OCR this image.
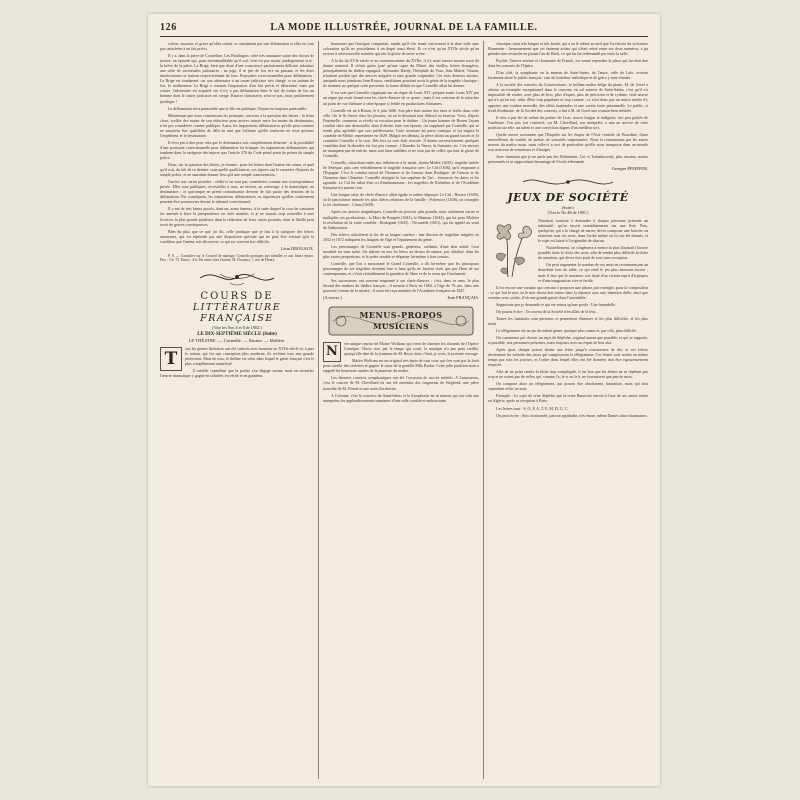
126	LA MODE ILLUSTRÉE, JOURNAL DE LA FAMILLE.

voleur, assassin, et grave qu'elles soient, se constituent par une diffamation si elles ne sont pas rattachées à un fait précis.

Il y a, dans la pièce de Courteline, Les Boulingrin, cette très amusante satire des choses de justice, un épisode qui, pour invraisemblable qu'il soit, n'en est pas moins juridiquement vrai : la brève de la pièce, La Brige, bien que doué d'une conscience parfaitement délicate, substitue une série de succursales judiciaires : au juge, il se prit de fou rire au passant, et les deux interlocuteurs se traitent respectivement de fous. Poursuites correctionnelles pour diffamation : La Brige est condamné, car son adversaire a un casier judiciaire très chargé, et en traitant de fou, le malheureux La Brige a commis l'imputation d'un fait précis et déterminé, mais par contre, l'adversaire est acquitté car il n'y a pas diffamation dans le fait de traiter de fou un homme dont le casier judiciaire est vierge. Bizarre chinoiserie, n'est-ce pas, mais parfaitement juridique !

La diffamation n'est punissable que si elle est publique, l'injure est toujours punissable.

Maintenant que nous connaissons les principes, arrivons à la question des lettres : la lettre close, scellée des mains de son rédacteur pour arriver intacte entre les mains du destinataire, n'est pas considérée comme publique. Aussi, les imputations diffamatoires qu'elle peut contenir ne sauraient être qualifiées de délit en tant que l'offense qu'elle renferme ne reste qu'entre l'expéditeur et le destinataire.

Il n'est pas à dire pour cela que le destinataire soit complètement désarmé : si la possibilité d'une poursuite correctionnelle pour diffamation lui échappe, les imputations diffamatoires qui tombent dans la catégorie des injures que l'article 376 du Code pénal punit de peines de simple police.

Donc, sur la question des lettres, je résume : pour les lettres dont l'auteur est connu, et quel qu'il soit, du fait de ce dernier, sous quelle qualification, ces injures ont le caractère d'injures de simple police, et ne sauraient donner lieu qu'à une simple contravention.

J'arrive aux cartes postales : celles-ci ne sont pas considérées comme une correspondance privée. Elles sont publiques, accessibles à tous, au facteur, au concierge, à la domestique, au destinataire ; et quiconque en prend connaissance devient de fait partie des témoins de la diffamation. Par conséquent, les imputations diffamatoires ou injurieuses qu'elles contiennent peuvent être poursuivies devant le tribunal correctionnel.

Il y eut de très beaux procès, dont un, assez fameux, à la suite duquel la cour de cassation fut amenée à fixer la jurisprudence en cette matière, et je ne saurais trop conseiller à mes lectrices la plus grande prudence dans la rédaction de leurs cartes postales, dont le libellé peut avoir de graves conséquences.

Bien du plus que ce que j'ai dit, celle juridique que je fais à la catégorie des lettres anonymes, qui est réprimée par une disposition spéciale qui ne peut être retenue qu'à la condition que l'auteur soit découvert, ce qui est souvent fort difficile.

Léon DROUAUX.

P. S. — Consulter sur le Conseil de mariage. Conseils pratiques aux familles et aux futurs époux. Prix : 3 fr. 75. Envoi : 4 fr. En vente chez l'auteur, M. Drouaux, 7, rue de Fleury.

COURS DE
LITTÉRATURE FRANÇAISE
(Voir les Nos 4 et 8 de 1902.)
LE DIX-SEPTIÈME SIÈCLE (Suite)
LE THÉATRE. — Corneille. — Racine. — Molière.
T

ous les genres littéraires ont été cultivés avec honneur au XVIIe siècle et, à part le roman, qui fut une conception plus moderne, ils revêtent tous une grande perfection. Mais de tous, le théâtre est celui dans lequel le génie français s'est le plus complètement manifesté.

Il semble cependant que la poésie s'en dégage moins, mais en revanche l'œuvre dramatique y gagne en sobriété, en vérité et en grandeur.

heureuses que l'intrigue comportait, tandis qu'il s'en tenait strictement à la dose utile sans coloration qu'ils ne possédaient à un degré aussi élevé. Et ce n'est qu'au XVIIe siècle qu'on revient à cette nouvelle manière qui fait la gloire de notre scène.

A la fin du XVIe siècle et au commencement du XVIIe, il n'y avait encore aucune trace de drame national. Il n'était guère joué qu'une copie du Miroir des vieilles lettres étrangères, principalement du théâtre espagnol. Alexandre Hardy, Théophile de Viau, Jean Mairet, Tristan, n'avaient produit que des œuvres inégales et sans grande originalité. Ces trois derniers auteurs, auxquels nous joindrons Jean Rotrou, semblaient pourtant avoir le génie de la tragédie classique ; ils tiennent un quelque sorte pressentir la forme définitive que Corneille allait lui donner.

Il est vrai que Corneille s'appuyait sur un règne de Louis XIV, préparé avant Louis XIV par un règne qui avait donné tous les chefs-d'œuvre de ce genre ; mais il est convenu de le rattacher au point de vue littéraire à cette époque si fertile en productions éclatantes.

Corneille est né à Rouen, le 6 juin 1606. Son père était maître des eaux et forêts dans cette ville. On le fit élever chez les jésuites, où on le destinait tout d'abord au barreau. Voici, d'après Fontenelle, comment se révéla sa vocation pour le théâtre : Un jeune homme de Rouen l'ayant conduit chez une demoiselle, dont il devint faire son épouse, fut supplanté par Corneille, qui se rendit plus agréable que son prédécesseur. Cette aventure lui parut comique et lui inspira la comédie de Mélite, représentée en 1629. Malgré ses défauts, la pièce obtint un grand succès et fit connaître Corneille à la cour. Dès lors sa voie était trouvée. Il donna successivement quelques comédies dont la dernière est fort peu connue : Clitandre, la Veuve, la Suivante, etc. Ces œuvres ne manquent pas de mérite, mais sont bien oubliées et ne sont pas de celles qui font la gloire de Corneille.

Corneille, s'attachant enfin aux influences à la mode, donna Médée (1635), tragédie imitée de Sénèque, puis crée véritablement la tragédie française avec Le Cid (1636), qu'il emprunte à l'Espagne. C'est le combat moral de l'honneur et de l'amour dans Rodrigue, de l'amour et de l'honneur dans Chimène. Corneille atteignit le but suprême de l'art : émouvoir les âmes et les agrandir. Le Cid fut salué d'un cri d'enthousiasme ; les tragédies de Richelieu et de l'Académie française n'y purent rien.

Une longue série de chefs-d'œuvre allait égaler et même dépasser Le Cid : Horace (1639), où le patriotisme immole les plus chères relations de la famille ; Polyeucte (1640), où triomphe la foi chrétienne ; Cinna (1639).

Après ces œuvres magnifiques, Corneille ne pouvait plus grandir, mais seulement varier et multiplier ses productions : la Mort de Pompée (1643), le Menteur (1644), qui fut pour Molière la révélation de la vraie comédie ; Rodogune (1645) ; Nicomède (1651), qui fut appelé au seuil de l'admiration.

Des échecs attristèrent la fin de sa longue carrière ; une illusion de tragédies inégales en 1652 et 1672 indiquent les fatigues de l'âge et l'épuisement du génie.

Les personnages de Corneille sont grands, généreux, vaillants, d'une âme noble. Leur moralité est sans tache. On admire en eux les héros au-dessus de nature, pur, idéalisé, dans les plus vastes proportions, et le poète semble se dépasser lui-même à leur contact.

Corneille, que l'on a surnommé le Grand Corneille, a dit lui-même que les principaux personnages de ses tragédies devaient être si haut qu'ils ne fussent visés que par l'âme de ses contemporains, et c'était véritablement la grandeur de l'âme et de la vertu qui l'enchantait.

Ses successeurs ont souvent emprunté à ses chefs-d'œuvre ; c'est, dans ce sens, le plus fécond des maîtres du théâtre français ; il mourut à Paris en 1684, à l'âge de 78 ans, dans une pauvreté voisine de la misère ; il avait été reçu membre de l'Académie française en 1647.

(A suivre.)	Jean FRANÇAIS.
MENUS-PROPOS
MUSICIENS
N

ver unique reprise de Mattre Wolfram qui vient de charmer les abonnés de l'Opéra-Comique. Chose rare, par le temps qui court, la musique n'a pas paru vieillie, quoiqu'elle date de la jeunesse de M. Reyer dont c'était, je crois, le premier ouvrage.

Maître Wolfram est un original très épris de tous ceux qui s'en vont par la forêt pour cueillir des violettes et gagner le cœur de la gentille Mlle Burlas. Cette jolie partition nous a rappelé les heureuses années de la jeunesse du maître.

Les derniers concerts symphoniques ont été l'occasion de succès mérités. A Lamoureux, c'est le concert de M. Chevillard où ont été entendus des fragments de Siegfried, une pièce nouvelle de M. Pierné et une suite d'orchestre.

A Colonne, c'est le concerto de Saint-Saëns et la Symphonie en ut mineur qui ont valu aux interprètes les applaudissements unanimes d'une salle comble et enthousiaste.

classique, mais très longue et très froide, qui a eu le même accueil que l'orchestre du violoniste Burmester : heureusement que cet éminent artiste qui s'était retiré entre ses deux numéros, a pu prendre une revanche en jouant l'air de Bach, ce qui lui fut redemandé par toute la salle.

Psyché, l'œuvre sereine et charmante de Franck, est venue reprendre la place qui lui était due dans les concerts de l'Opéra.

D'un côté, la symphonie en la mineur de Saint-Saëns, de l'autre, celle de Lalo, avaient fortement attiré le public français : tant de fraîcheur mélodique et de grâce y sont réunies.

A la société des concerts du Conservatoire, le brillant maître belge du piano, M. de Greef a obtenu un triomphe exceptionnel dans le concerto en sol mineur de Saint-Saëns, c'est qu'il est impossible de rendre, avec plus de brio, plus d'esprit, plus de précision et de rythme, cette œuvre qui n'a qu'un tort, celui d'être trop populaire et trop connue ; ce n'est donc pas un mince mérite d'y apporter une couleur nouvelle, des effets inattendus et une saveur toute personnelle. Le public, si froid d'ordinaire, de la Société des concerts, a fait à M. de Greef une ovation bien méritée.

Il n'en a pas été de même du poème de Liszt, œuvre longue et indigeste, fort peu goûtée de l'auditoire. J'en suis fort contrarié, car M. Chevillard, son interprète, a mis au service de cette partition un zèle, un talent et une conviction dignes d'un meilleur sort.

Quelle œuvre ravissante que l'Enquête sur les étapes de l'Asie centrale de Borodine, d'une merveilleuse de variété, de poésie, de sonorités surprenantes. Nous la connaissions par les autres œuvres du maître russe, mais celle-ci a ceci de particulier qu'elle nous transporte dans un monde tout nouveau de sensations et d'images.

Avec intention que je ne parle pas des Rubinstein, Cui et Tschaïkowsky, plus anciens, moins personnels et se rapprochant davantage de l'école allemande.

Georges PFEIFFER.
JEUX DE SOCIÉTÉ
(Suite.)
(Voir le No 48 de 1901.)

Narration consiste à demander à chaque personne présente un substantif, qu'on inscrit immédiatement sur une liste. Puis, quelqu'un, qui a la charge de narrer, devra composer une histoire où entreront tous ces mots, dans l'ordre même où ils ont été donnés, et le sujet est laissé à l'originalité de chacun.

Naturellement, on s'ingéniera à mettre la plus (faudrait) bizarre possible dans le choix des mots, afin de rendre plus difficile la tâche du narrateur, qui devra tirer parti de tous sans exception.

On peut augmenter le nombre de ces mots en recommençant un deuxième tour de table, ce qui rend le jeu plus amusant encore ; mais il faut que le narrateur soit doué d'un certain esprit d'à-propos et d'une imagination vive et fertile.

Il est encore une variante qui consiste à proposer une phrase, par exemple, pour la composition : ce qui fait le mot ou le mot choisi doit entrer dans la réponse avec une intention drôle, ainsi que certains sens cachés, d'où une grande gaieté dans l'assemblée.

Supposons que je demande ce qui est mieux qu'une poule : Une hirondelle.

On pourra écrire : Un oiseau de la Société n'en allait de la leur...

Toutes les fantaisies sont permises et permettent d'amuser et les plus difficiles, et les plus rusés.

Le télégramme est un jeu du même genre, quoique plus connu et, par cela, plus difficile.

On commence par choisir un sujet de dépêche, original autant que possible, et qui se rapporte, si possible, aux personnes présentes, mais toujours avec un esprit de bon aloi.

Après quoi, chaque joueur donne une lettre jusqu'à concurrence de dix, et ces lettres deviennent les initiales des mots qui composeront le télégramme. Ces lettres sont notées en même temps par tous les joueurs, et l'ordre dans lequel elles ont été données doit être rigoureusement respecté.

Afin de ne point rendre la tâche trop compliquée, il est bon que les lettres ne se répètent pas trop et ne soient pas de celles qui, comme l'x, le w ou le k, ne fournissent que peu de mots.

On compose alors un télégramme, qui pourra être absolument fantaisiste, mais qui doit cependant offrir un sens.

Exemple : Le sujet de cette dépêche que la reine Ranavalo envoie à l'une de ses amies restée en Algérie, après sa réception à Paris.

Les lettres sont : S, O, P, A, T, E, M, D, U, C.

On peut écrire : Suis ovationnée, partout applaudie, très émue, même Dames ultra-charmantes.
